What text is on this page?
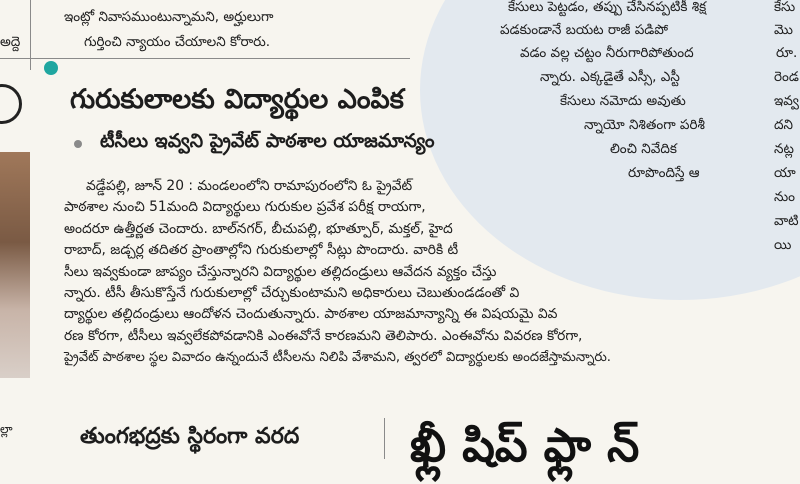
ఇంట్లో నివాసముంటున్నామని, అర్హులుగా
గుర్తించి న్యాయం చేయాలని కోరారు.
అద్దె
కేసులు పెట్టడం, తప్పు చేసినప్పటికీ శిక్ష
పడకుండానే బయట రాజీ పడిపో
వడం వల్ల చట్టం నీరుగారిపోతుంద
న్నారు. ఎక్కడైతే ఎస్సీ, ఎస్టీ
కేసులు నమోదు అవుతు
న్నాయో నిశితంగా పరిశీ
లించి నివేదిక
రూపొందిస్తే ఆ
కేసు
మొ
రూ.
రెండ
ఇవ్వ
దని
నట్ల
యా
నుం
వాటి
యి
గురుకులాలకు విద్యార్థుల ఎంపిక
టీసీలు ఇవ్వని ప్రైవేట్ పాఠశాల యాజమాన్యం
వడ్డేపల్లి, జూన్ 20 : మండలంలోని రామాపురంలోని ఓ ప్రైవేట్
పాఠశాల నుంచి 51మంది విద్యార్థులు గురుకుల ప్రవేశ పరీక్ష రాయగా,
అందరూ ఉత్తీర్ణత చెందారు. బాల్‌నగర్, బీచుపల్లి, భూత్పూర్, మక్తల్, హైద
రాబాద్, జడ్చర్ల తదితర ప్రాంతాల్లోని గురుకులాల్లో సీట్లు పొందారు. వారికి టీ
సీలు ఇవ్వకుండా జాప్యం చేస్తున్నారని విద్యార్థుల తల్లిదండ్రులు ఆవేదన వ్యక్తం చేస్తు
న్నారు. టీసీ తీసుకొస్తేనే గురుకులాల్లో చేర్చుకుంటామని అధికారులు చెబుతుండడంతో వి
ద్యార్థుల తల్లిదండ్రులు ఆందోళన చెందుతున్నారు. పాఠశాల యాజమాన్యాన్ని ఈ విషయమై వివ
రణ కోరగా, టీసీలు ఇవ్వలేకపోవడానికి ఎంఈవోనే కారణమని తెలిపారు. ఎంఈవోను వివరణ కోరగా,
ప్రైవేట్ పాఠశాల స్థల వివాదం ఉన్నందునే టీసీలను నిలిపి వేశామని, త్వరలో విద్యార్థులకు అందజేస్తామన్నారు.
ల్లా	తుంగభద్రకు స్థిరంగా వరద ఖ్లీ షిప్ ఫ్లా న్
